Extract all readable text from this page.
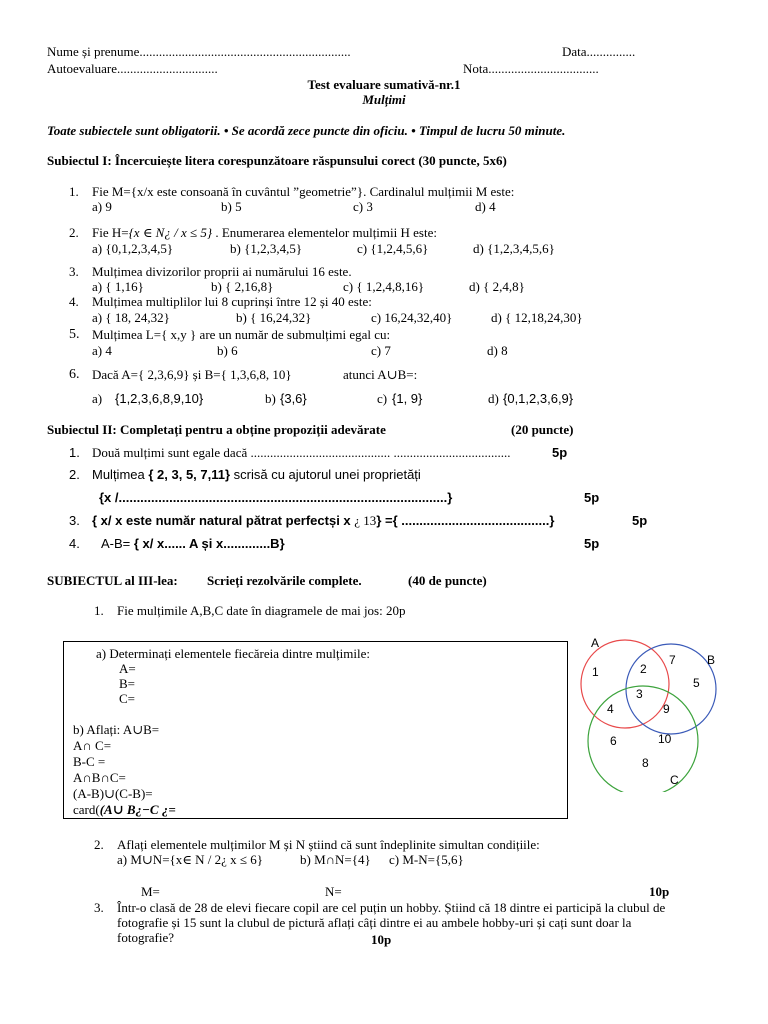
Nume și prenume.................................................................	Data...............
Autoevaluare...............................	Nota..................................
Test evaluare sumativă-nr.1
Mulțimi
Toate subiectele sunt obligatorii. • Se acordă zece puncte din oficiu. • Timpul de lucru 50 minute.
Subiectul I: Încercuiește litera corespunzătoare răspunsului corect (30 puncte, 5x6)
1. Fie M={x/x este consoană în cuvântul ”geometrie”}. Cardinalul mulțimii M este:
a) 9	b) 5	c) 3	d) 4
2. Fie H={x ∈ N¿ / x ≤ 5} . Enumerarea elementelor mulțimii H este:
a) {0,1,2,3,4,5}	b) {1,2,3,4,5}	c) {1,2,4,5,6}	d) {1,2,3,4,5,6}
3. Mulțimea divizorilor proprii ai numărului 16 este.
a) { 1,16}	b) { 2,16,8}	c) { 1,2,4,8,16}	d) { 2,4,8}
4. Mulțimea multiplilor lui 8 cuprinși între 12 și 40 este:
a) { 18, 24,32}	b) { 16,24,32}	c) 16,24,32,40}	d) { 12,18,24,30}
5. Mulțimea L={ x,y } are un număr de submulțimi egal cu:
a) 4	b) 6	c) 7	d) 8
6. Dacă A={ 2,3,6,9} și B={ 1,3,6,8, 10}	atunci A∪B=:
a) {1,2,3,6,8,9,10}	b) {3,6}	c) {1, 9}	d) {0,1,2,3,6,9}
Subiectul II: Completați pentru a obține propoziții adevărate	(20 puncte)
1. Două mulțimi sunt egale dacă ........................................... ....................................	5p
2. Mulțimea { 2, 3, 5, 7,11} scrisă cu ajutorul unei proprietăți
{x /...........................................................................................}	5p
3. { x/ x este număr natural pătrat perfectși x ¿ 13} ={ .........................................}	5p
4. A-B= { x/ x...... A și x.............B}	5p
SUBIECTUL al III-lea: Scrieți rezolvările complete.	(40 de puncte)
1. Fie mulțimile A,B,C date în diagramele de mai jos: 20p
a) Determinați elementele fiecăreia dintre mulțimile:
A=
B=
C=
b) Aflați: A∪B=
A∩ C=
B-C =
A∩B∩C=
(A-B)∪(C-B)=
card((A∪ B¿−C ¿=
A
B
C
1	2
7
5
3
4	9
6	10
8
2. Aflați elementele mulțimilor M și N știind că sunt îndeplinite simultan condițiile:
a) M∪N={x∈ N / 2¿ x ≤ 6}	b) M∩N={4} c) M-N={5,6}
M=	N=	10p
3. Într-o clasă de 28 de elevi fiecare copil are cel puțin un hobby. Știind că 18 dintre ei participă la clubul de
fotografie și 15 sunt la clubul de pictură aflați câți dintre ei au ambele hobby-uri și cați sunt doar la
fotografie?	10p
